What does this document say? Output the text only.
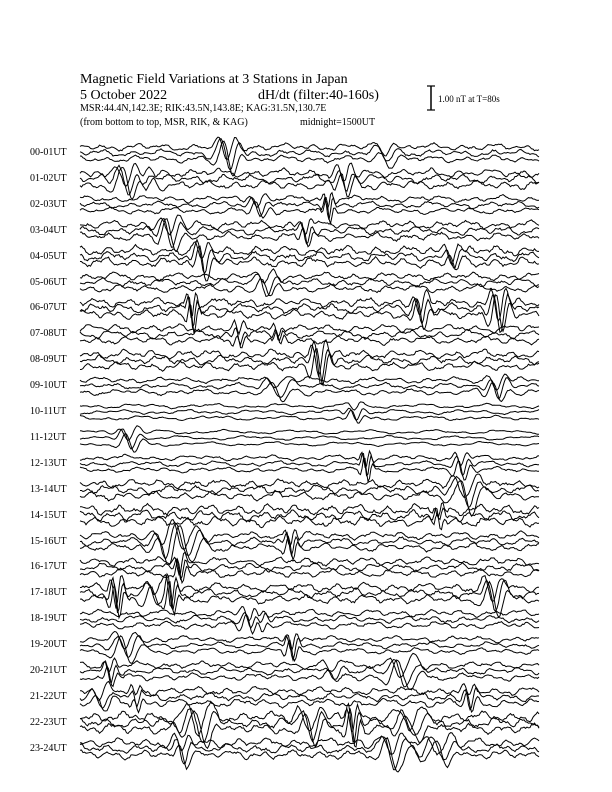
Magnetic Field Variations at 3 Stations in Japan
5 October 2022	dH/dt (filter:40-160s)
MSR:44.4N,142.3E; RIK:43.5N,143.8E; KAG:31.5N,130.7E
(from bottom to top, MSR, RIK, & KAG)	midnight=1500UT
1.00 nT at T=80s
00-01UT
01-02UT
02-03UT
03-04UT
04-05UT
05-06UT
06-07UT
07-08UT
08-09UT
09-10UT
10-11UT
11-12UT
12-13UT
13-14UT
14-15UT
15-16UT
16-17UT
17-18UT
18-19UT
19-20UT
20-21UT
21-22UT
22-23UT
23-24UT
